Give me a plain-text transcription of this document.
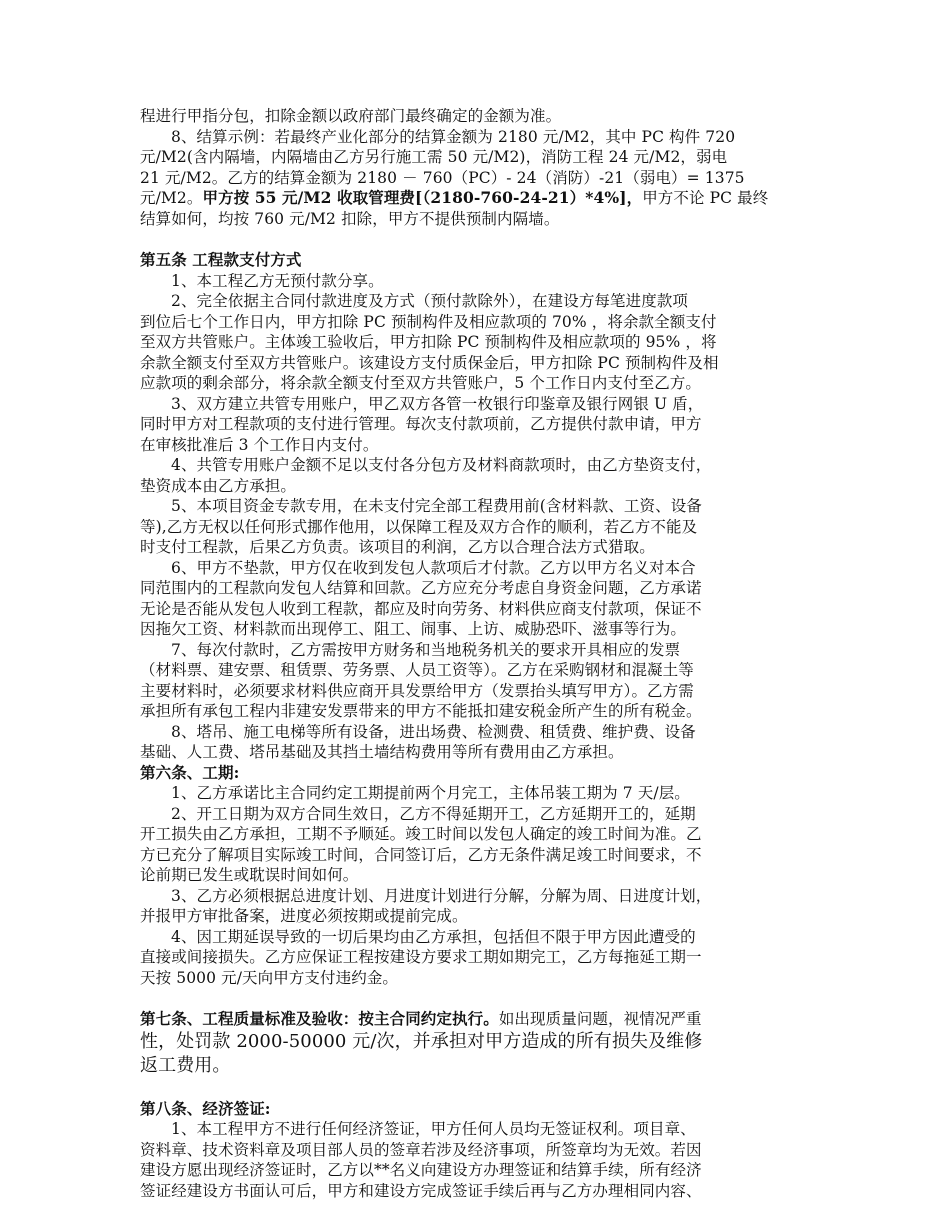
程进行甲指分包，扣除金额以政府部门最终确定的金额为准。
8、结算示例：若最终产业化部分的结算金额为 2180 元/M2，其中 PC 构件 720
元/M2(含内隔墙，内隔墙由乙方另行施工需 50 元/M2)，消防工程 24 元/M2，弱电
21 元/M2。乙方的结算金额为 2180 － 760（PC）- 24（消防）-21（弱电）= 1375
元/M2。甲方按 55 元/M2 收取管理费[（2180-760-24-21）*4%]，甲方不论 PC 最终
结算如何，均按 760 元/M2 扣除，甲方不提供预制内隔墙。
第五条 工程款支付方式
1、本工程乙方无预付款分享。
2、完全依据主合同付款进度及方式（预付款除外），在建设方每笔进度款项
到位后七个工作日内，甲方扣除 PC 预制构件及相应款项的 70% ，将余款全额支付
至双方共管账户。主体竣工验收后，甲方扣除 PC 预制构件及相应款项的 95% ，将
余款全额支付至双方共管账户。该建设方支付质保金后，甲方扣除 PC 预制构件及相
应款项的剩余部分，将余款全额支付至双方共管账户，5 个工作日内支付至乙方。
3、双方建立共管专用账户，甲乙双方各管一枚银行印鉴章及银行网银 U 盾，
同时甲方对工程款项的支付进行管理。每次支付款项前，乙方提供付款申请，甲方
在审核批准后 3 个工作日内支付。
4、共管专用账户金额不足以支付各分包方及材料商款项时，由乙方垫资支付，
垫资成本由乙方承担。
5、本项目资金专款专用，在未支付完全部工程费用前(含材料款、工资、设备
等),乙方无权以任何形式挪作他用，以保障工程及双方合作的顺利，若乙方不能及
时支付工程款，后果乙方负责。该项目的利润，乙方以合理合法方式猎取。
6、甲方不垫款，甲方仅在收到发包人款项后才付款。乙方以甲方名义对本合
同范围内的工程款向发包人结算和回款。乙方应充分考虑自身资金问题，乙方承诺
无论是否能从发包人收到工程款，都应及时向劳务、材料供应商支付款项，保证不
因拖欠工资、材料款而出现停工、阻工、闹事、上访、威胁恐吓、滋事等行为。
7、每次付款时，乙方需按甲方财务和当地税务机关的要求开具相应的发票
（材料票、建安票、租赁票、劳务票、人员工资等）。乙方在采购钢材和混凝土等
主要材料时，必须要求材料供应商开具发票给甲方（发票抬头填写甲方）。乙方需
承担所有承包工程内非建安发票带来的甲方不能抵扣建安税金所产生的所有税金。
8、塔吊、施工电梯等所有设备，进出场费、检测费、租赁费、维护费、设备
基础、人工费、塔吊基础及其挡土墙结构费用等所有费用由乙方承担。
第六条、工期:
1、乙方承诺比主合同约定工期提前两个月完工，主体吊装工期为 7 天/层。
2、开工日期为双方合同生效日，乙方不得延期开工，乙方延期开工的，延期
开工损失由乙方承担，工期不予顺延。竣工时间以发包人确定的竣工时间为准。乙
方已充分了解项目实际竣工时间，合同签订后，乙方无条件满足竣工时间要求，不
论前期已发生或耽误时间如何。
3、乙方必须根据总进度计划、月进度计划进行分解，分解为周、日进度计划，
并报甲方审批备案，进度必须按期或提前完成。
4、因工期延误导致的一切后果均由乙方承担，包括但不限于甲方因此遭受的
直接或间接损失。乙方应保证工程按建设方要求工期如期完工，乙方每拖延工期一
天按 5000 元/天向甲方支付违约金。
第七条、工程质量标准及验收：按主合同约定执行。如出现质量问题，视情况严重
性，处罚款 2000-50000 元/次，并承担对甲方造成的所有损失及维修
返工费用。
第八条、经济签证:
1、本工程甲方不进行任何经济签证，甲方任何人员均无签证权利。项目章、
资料章、技术资料章及项目部人员的签章若涉及经济事项，所签章均为无效。若因
建设方愿出现经济签证时，乙方以**名义向建设方办理签证和结算手续，所有经济
签证经建设方书面认可后，甲方和建设方完成签证手续后再与乙方办理相同内容、
